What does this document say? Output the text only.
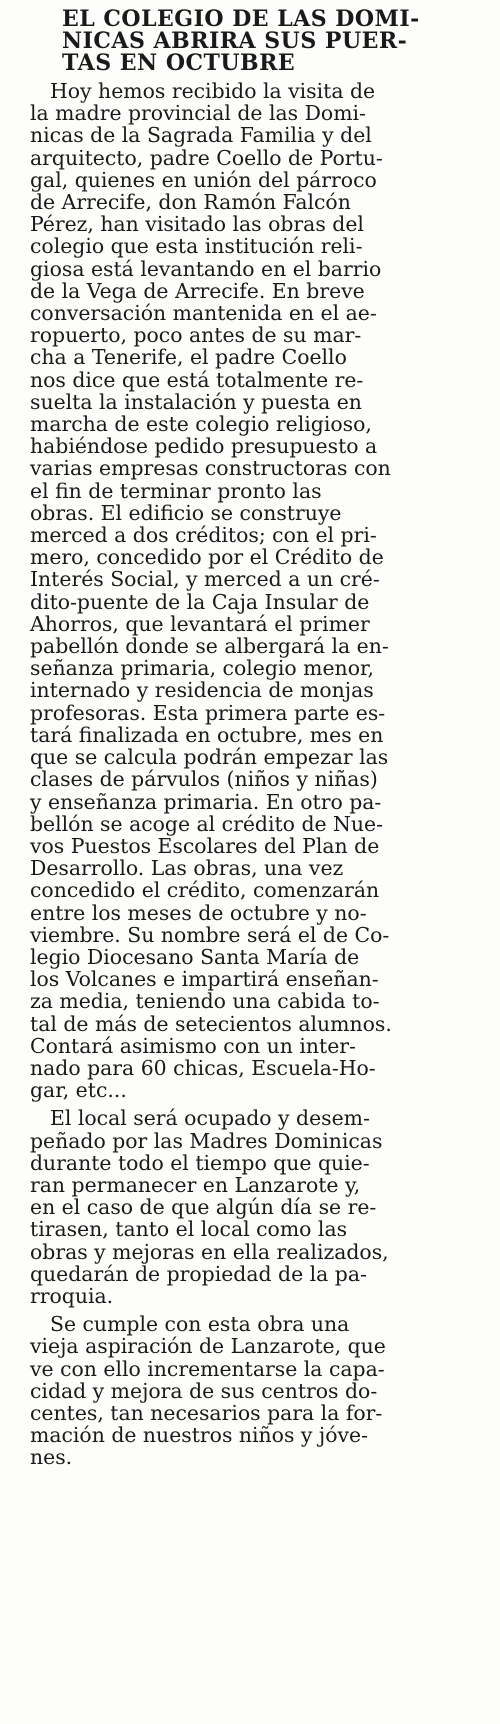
EL COLEGIO DE LAS DOMI-
NICAS ABRIRA SUS PUER-
TAS EN OCTUBRE

Hoy hemos recibido la visita de
la madre provincial de las Domi-
nicas de la Sagrada Familia y del
arquitecto, padre Coello de Portu-
gal, quienes en unión del párroco
de Arrecife, don Ramón Falcón
Pérez, han visitado las obras del
colegio que esta institución reli-
giosa está levantando en el barrio
de la Vega de Arrecife. En breve
conversación mantenida en el ae-
ropuerto, poco antes de su mar-
cha a Tenerife, el padre Coello
nos dice que está totalmente re-
suelta la instalación y puesta en
marcha de este colegio religioso,
habiéndose pedido presupuesto a
varias empresas constructoras con
el fin de terminar pronto las
obras. El edificio se construye
merced a dos créditos; con el pri-
mero, concedido por el Crédito de
Interés Social, y merced a un cré-
dito-puente de la Caja Insular de
Ahorros, que levantará el primer
pabellón donde se albergará la en-
señanza primaria, colegio menor,
internado y residencia de monjas
profesoras. Esta primera parte es-
tará finalizada en octubre, mes en
que se calcula podrán empezar las
clases de párvulos (niños y niñas)
y enseñanza primaria. En otro pa-
bellón se acoge al crédito de Nue-
vos Puestos Escolares del Plan de
Desarrollo. Las obras, una vez
concedido el crédito, comenzarán
entre los meses de octubre y no-
viembre. Su nombre será el de Co-
legio Diocesano Santa María de
los Volcanes e impartirá enseñan-
za media, teniendo una cabida to-
tal de más de setecientos alumnos.
Contará asimismo con un inter-
nado para 60 chicas, Escuela-Ho-
gar, etc...

El local será ocupado y desem-
peñado por las Madres Dominicas
durante todo el tiempo que quie-
ran permanecer en Lanzarote y,
en el caso de que algún día se re-
tirasen, tanto el local como las
obras y mejoras en ella realizados,
quedarán de propiedad de la pa-
rroquia.

Se cumple con esta obra una
vieja aspiración de Lanzarote, que
ve con ello incrementarse la capa-
cidad y mejora de sus centros do-
centes, tan necesarios para la for-
mación de nuestros niños y jóve-
nes.
